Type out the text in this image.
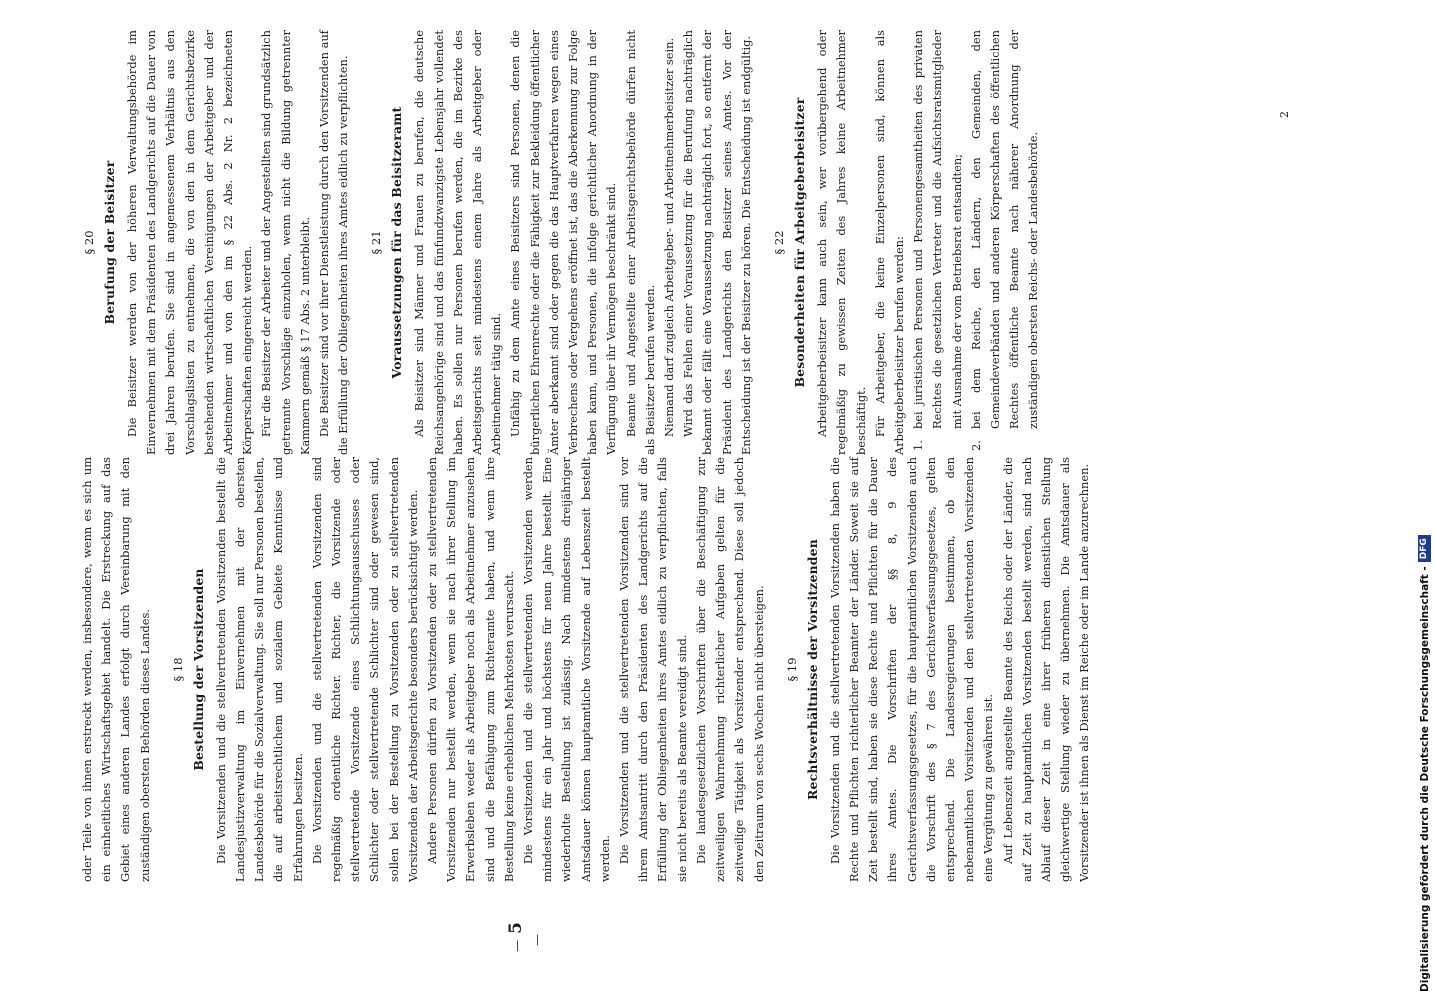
—5—

oder Teile von ihnen erstreckt werden, insbesondere, wenn es sich um ein einheitliches Wirtschaftsgebiet handelt. Die Erstreckung auf das Gebiet eines anderen Landes erfolgt durch Vereinbarung mit den zuständigen obersten Behörden dieses Landes. § 18 Bestellung der Vorsitzenden Die Vorsitzenden und die stellvertretenden Vorsitzenden bestellt die Landesjustizverwaltung im Einvernehmen mit der obersten Landesbehörde für die Sozialverwaltung. Sie soll nur Personen bestellen, die auf arbeitsrechtlichem und sozialem Gebiete Kenntnisse und Erfahrungen besitzen. Die Vorsitzenden und die stellvertretenden Vorsitzenden sind regelmäßig ordentliche Richter. Richter, die Vorsitzende oder stellvertretende Vorsitzende eines Schlichtungsausschusses oder Schlichter oder stellvertretende Schlichter sind oder gewesen sind, sollen bei der Bestellung zu Vorsitzenden oder zu stellvertretenden Vorsitzenden der Arbeitsgerichte besonders berücksichtigt werden. Andere Personen dürfen zu Vorsitzenden oder zu stellvertretenden Vorsitzenden nur bestellt werden, wenn sie nach ihrer Stellung im Erwerbsleben weder als Arbeitgeber noch als Arbeitnehmer anzusehen sind und die Befähigung zum Richteramte haben, und wenn ihre Bestellung keine erheblichen Mehrkosten verursacht. Die Vorsitzenden und die stellvertretenden Vorsitzenden werden mindestens für ein Jahr und höchstens für neun Jahre bestellt. Eine wiederholte Bestellung ist zulässig. Nach mindestens dreijähriger Amtsdauer können hauptamtliche Vorsitzende auf Lebenszeit bestellt werden. Die Vorsitzenden und die stellvertretenden Vorsitzenden sind vor ihrem Amtsantritt durch den Präsidenten des Landgerichts auf die Erfüllung der Obliegenheiten ihres Amtes eidlich zu verpflichten, falls sie nicht bereits als Beamte vereidigt sind. Die landesgesetzlichen Vorschriften über die Beschäftigung zur zeitweiligen Wahrnehmung richterlicher Aufgaben gelten für die zeitweilige Tätigkeit als Vorsitzender entsprechend. Diese soll jedoch den Zeitraum von sechs Wochen nicht übersteigen. § 19 Rechtsverhältnisse der Vorsitzenden Die Vorsitzenden und die stellvertretenden Vorsitzenden haben die Rechte und Pflichten richterlicher Beamter der Länder. Soweit sie auf Zeit bestellt sind, haben sie diese Rechte und Pflichten für die Dauer ihres Amtes. Die Vorschriften der §§ 8, 9 des Gerichtsverfassungsgesetzes, für die hauptamtlichen Vorsitzenden auch die Vorschrift des § 7 des Gerichtsverfassungsgesetzes, gelten entsprechend. Die Landesregierungen bestimmen, ob den nebenamtlichen Vorsitzenden und den stellvertretenden Vorsitzenden eine Vergütung zu gewähren ist. Auf Lebenszeit angestellte Beamte des Reichs oder der Länder, die auf Zeit zu hauptamtlichen Vorsitzenden bestellt werden, sind nach Ablauf dieser Zeit in eine ihrer früheren dienstlichen Stellung gleichwertige Stellung wieder zu übernehmen. Die Amtsdauer als Vorsitzender ist ihnen als Dienst im Reiche oder im Lande anzurechnen.

§ 20 Berufung der Beisitzer Die Beisitzer werden von der höheren Verwaltungsbehörde im Einvernehmen mit dem Präsidenten des Landgerichts auf die Dauer von drei Jahren berufen. Sie sind in angemessenem Verhältnis aus den Vorschlagslisten zu entnehmen, die von den in dem Gerichtsbezirke bestehenden wirtschaftlichen Vereinigungen der Arbeitgeber und der Arbeitnehmer und von den im § 22 Abs. 2 Nr. 2 bezeichneten Körperschaften eingereicht werden. Für die Beisitzer der Arbeiter und der Angestellten sind grundsätzlich getrennte Vorschläge einzuholen, wenn nicht die Bildung getrennter Kammern gemäß § 17 Abs. 2 unterbleibt. Die Beisitzer sind vor ihrer Dienstleistung durch den Vorsitzenden auf die Erfüllung der Obliegenheiten ihres Amtes eidlich zu verpflichten. § 21 Voraussetzungen für das Beisitzeramt Als Beisitzer sind Männer und Frauen zu berufen, die deutsche Reichsangehörige sind und das fünfundzwanzigste Lebensjahr vollendet haben. Es sollen nur Personen berufen werden, die im Bezirke des Arbeitsgerichts seit mindestens einem Jahre als Arbeitgeber oder Arbeitnehmer tätig sind. Unfähig zu dem Amte eines Beisitzers sind Personen, denen die bürgerlichen Ehrenrechte oder die Fähigkeit zur Bekleidung öffentlicher Ämter aberkannt sind oder gegen die das Hauptverfahren wegen eines Verbrechens oder Vergehens eröffnet ist, das die Aberkennung zur Folge haben kann, und Personen, die infolge gerichtlicher Anordnung in der Verfügung über ihr Vermögen beschränkt sind. Beamte und Angestellte einer Arbeitsgerichtsbehörde dürfen nicht als Beisitzer berufen werden. Niemand darf zugleich Arbeitgeber- und Arbeitnehmerbeisitzer sein. Wird das Fehlen einer Voraussetzung für die Berufung nachträglich bekannt oder fällt eine Voraussetzung nachträglich fort, so entfernt der Präsident des Landgerichts den Beisitzer seines Amtes. Vor der Entscheidung ist der Beisitzer zu hören. Die Entscheidung ist endgültig. § 22 Besonderheiten für Arbeitgeberbeisitzer Arbeitgeberbeisitzer kann auch sein, wer vorübergehend oder regelmäßig zu gewissen Zeiten des Jahres keine Arbeitnehmer beschäftigt. Für Arbeitgeber, die keine Einzelpersonen sind, können als Arbeitgeberbeisitzer berufen werden: 1.
bei juristischen Personen und Personengesamtheiten des privaten Rechtes die gesetzlichen Vertreter und die Aufsichtsratsmitglieder mit Ausnahme der vom Betriebsrat entsandten;
2.
bei dem Reiche, den Ländern, den Gemeinden, den Gemeindeverbänden und anderen Körperschaften des öffentlichen Rechtes öffentliche Beamte nach näherer Anordnung der zuständigen obersten Reichs- oder Landesbehörde.
2
Digitalisierung gefördert durch die Deutsche Forschungsgemeinschaft -
DFG
